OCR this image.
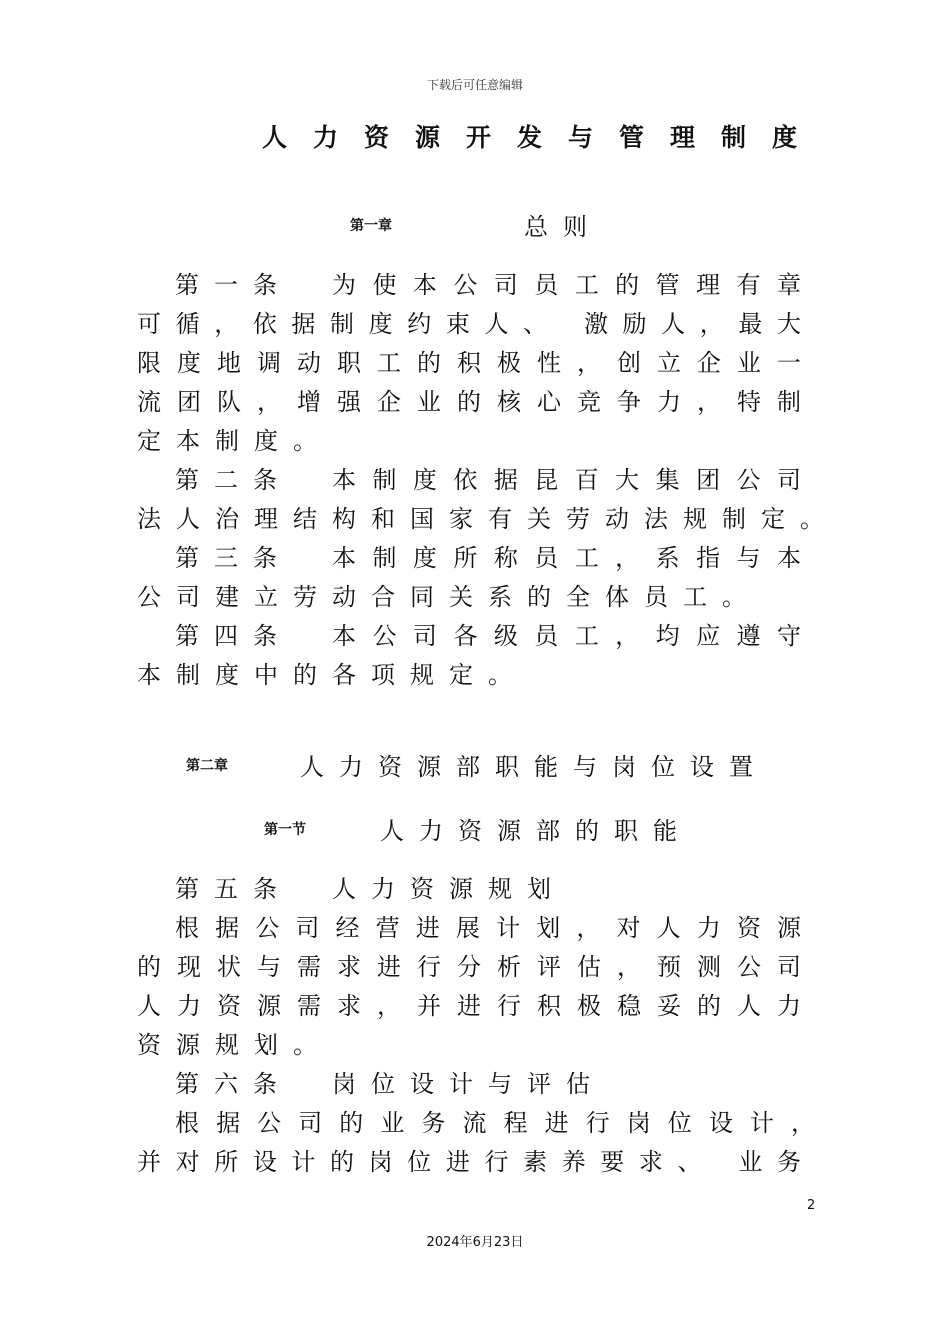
下载后可任意编辑
人力资源开发与管理制度
第一章	总则
第一条 为使本公司员工的管理有章
可循，依据制度约束人、 激励人，最大
限度地调动职工的积极性，创立企业一
流团队，增强企业的核心竞争力，特制
定本制度。
第二条 本制度依据昆百大集团公司
法人治理结构和国家有关劳动法规制定。
第三条 本制度所称员工，系指与本
公司建立劳动合同关系的全体员工。
第四条 本公司各级员工，均应遵守
本制度中的各项规定。
第二章	人力资源部职能与岗位设置
第一节	人力资源部的职能
第五条 人力资源规划
根据公司经营进展计划，对人力资源
的现状与需求进行分析评估，预测公司
人力资源需求，并进行积极稳妥的人力
资源规划。
第六条 岗位设计与评估
根据公司的业务流程进行岗位设计，
并对所设计的岗位进行素养要求、 业务
2
2024年6月23日
